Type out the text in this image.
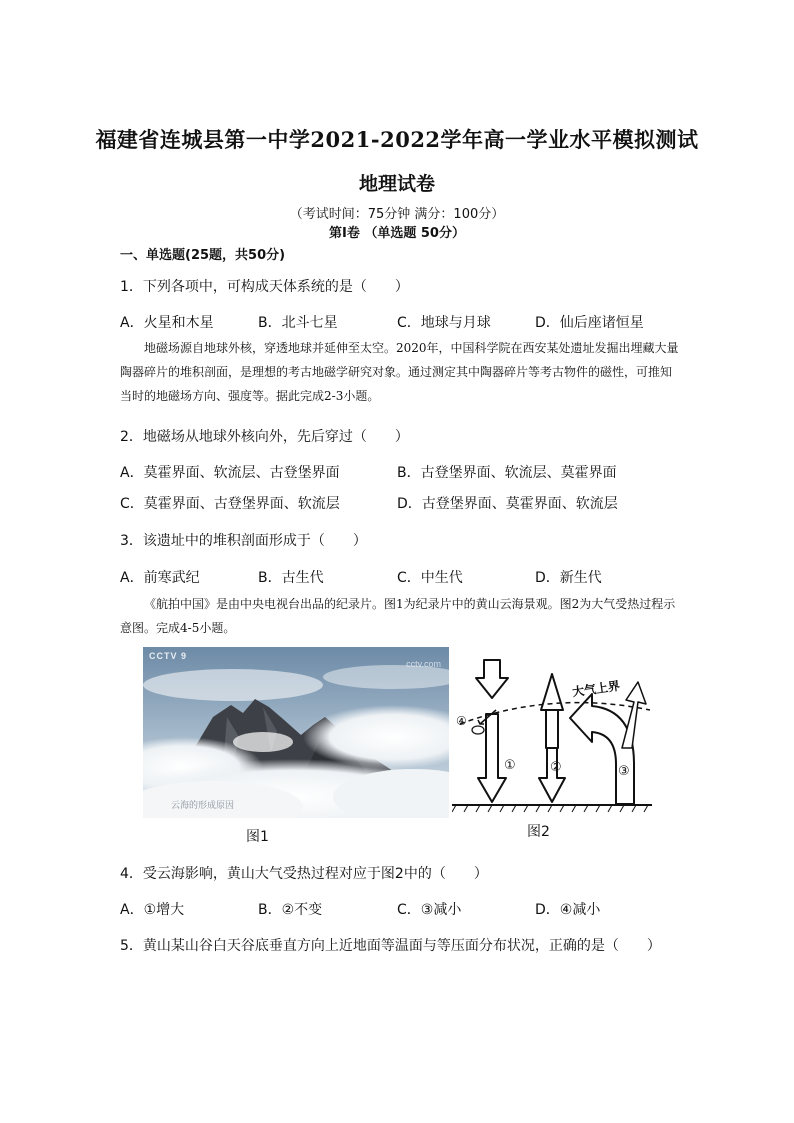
福建省连城县第一中学2021-2022学年高一学业水平模拟测试
地理试卷
（考试时间：75分钟 满分：100分）
第Ⅰ卷 （单选题 50分）
一、单选题(25题，共50分)
1．下列各项中，可构成天体系统的是（　　）
A．火星和木星	B．北斗七星	C．地球与月球	D．仙后座诸恒星
地磁场源自地球外核，穿透地球并延伸至太空。2020年，中国科学院在西安某处遗址发掘出埋藏大量陶器碎片的堆积剖面，是理想的考古地磁学研究对象。通过测定其中陶器碎片等考古物件的磁性，可推知当时的地磁场方向、强度等。据此完成2-3小题。
2．地磁场从地球外核向外，先后穿过（　　）
A．莫霍界面、软流层、古登堡界面	B．古登堡界面、软流层、莫霍界面
C．莫霍界面、古登堡界面、软流层	D．古登堡界面、莫霍界面、软流层
3．该遗址中的堆积剖面形成于（　　）
A．前寒武纪	B．古生代	C．中生代	D．新生代
《航拍中国》是由中央电视台出品的纪录片。图1为纪录片中的黄山云海景观。图2为大气受热过程示意图。完成4-5小题。
CCTV 9
cctv.com
云海的形成原因
图1
大气上界
①	②	③
④
图2
4．受云海影响，黄山大气受热过程对应于图2中的（　　）
A．①增大	B．②不变	C．③减小	D．④减小
5．黄山某山谷白天谷底垂直方向上近地面等温面与等压面分布状况，正确的是（　　）
